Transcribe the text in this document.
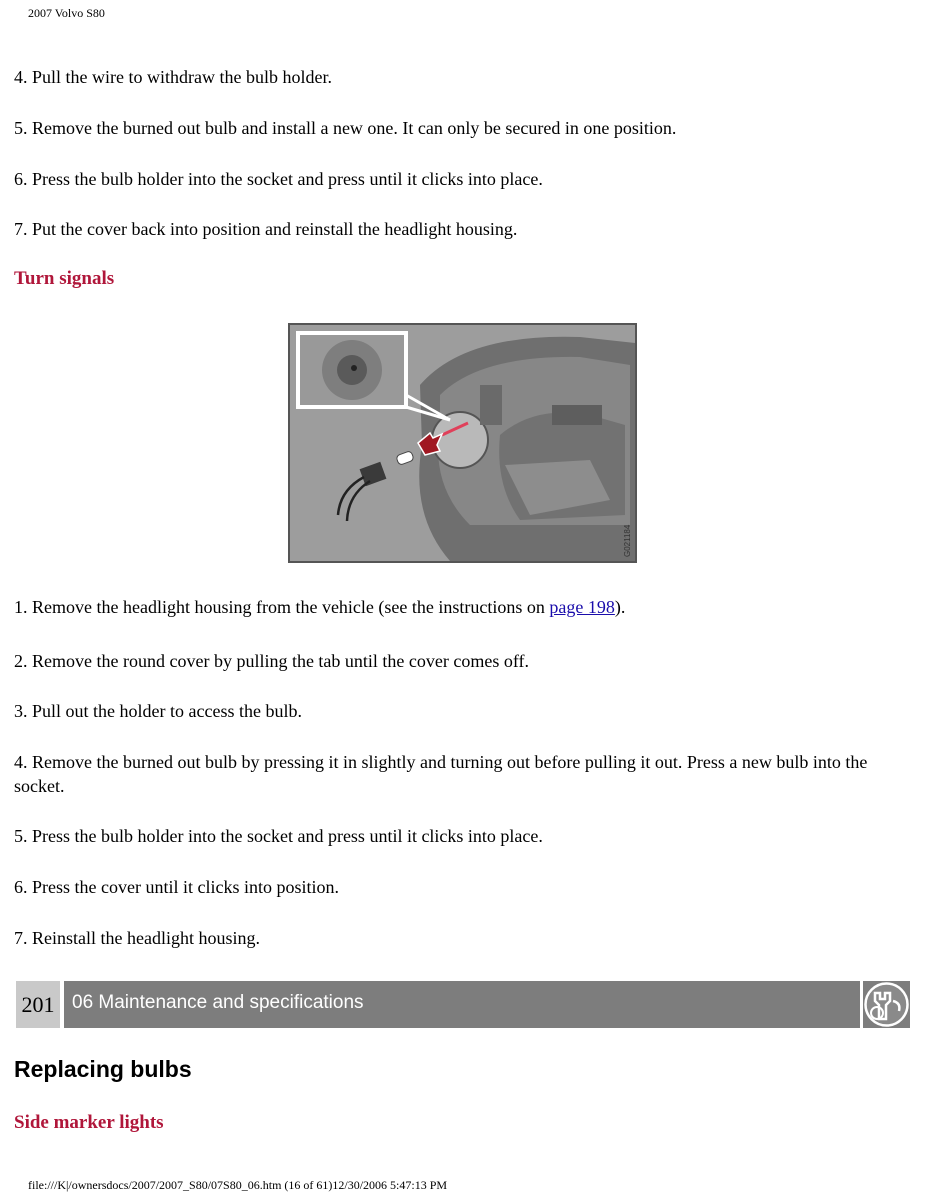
2007 Volvo S80
4. Pull the wire to withdraw the bulb holder.
5. Remove the burned out bulb and install a new one. It can only be secured in one position.
6. Press the bulb holder into the socket and press until it clicks into place.
7. Put the cover back into position and reinstall the headlight housing.
Turn signals
G021184
1. Remove the headlight housing from the vehicle (see the instructions on page 198).
2. Remove the round cover by pulling the tab until the cover comes off.
3. Pull out the holder to access the bulb.
4. Remove the burned out bulb by pressing it in slightly and turning out before pulling it out. Press a new bulb into the socket.
5. Press the bulb holder into the socket and press until it clicks into place.
6. Press the cover until it clicks into position.
7. Reinstall the headlight housing.
201 06 Maintenance and specifications
Replacing bulbs
Side marker lights
file:///K|/ownersdocs/2007/2007_S80/07S80_06.htm (16 of 61)12/30/2006 5:47:13 PM
